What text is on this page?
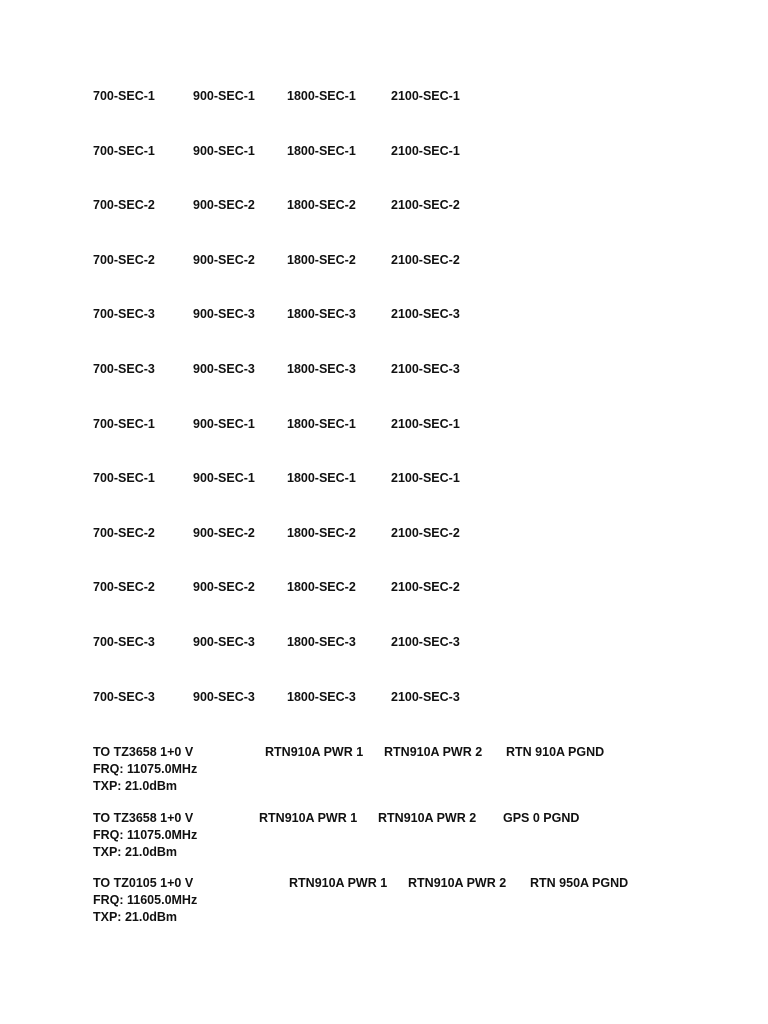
700-SEC-1	900-SEC-1	1800-SEC-1	2100-SEC-1
700-SEC-1	900-SEC-1	1800-SEC-1	2100-SEC-1
700-SEC-2	900-SEC-2	1800-SEC-2	2100-SEC-2
700-SEC-2	900-SEC-2	1800-SEC-2	2100-SEC-2
700-SEC-3	900-SEC-3	1800-SEC-3	2100-SEC-3
700-SEC-3	900-SEC-3	1800-SEC-3	2100-SEC-3
700-SEC-1	900-SEC-1	1800-SEC-1	2100-SEC-1
700-SEC-1	900-SEC-1	1800-SEC-1	2100-SEC-1
700-SEC-2	900-SEC-2	1800-SEC-2	2100-SEC-2
700-SEC-2	900-SEC-2	1800-SEC-2	2100-SEC-2
700-SEC-3	900-SEC-3	1800-SEC-3	2100-SEC-3
700-SEC-3	900-SEC-3	1800-SEC-3	2100-SEC-3
TO TZ3658 1+0 V	RTN910A PWR 1 RTN910A PWR 2 RTN 910A PGND
FRQ: 11075.0MHz
TXP: 21.0dBm
TO TZ3658 1+0 V	RTN910A PWR 1 RTN910A PWR 2 GPS 0 PGND
FRQ: 11075.0MHz
TXP: 21.0dBm
TO TZ0105 1+0 V	RTN910A PWR 1 RTN910A PWR 2 RTN 950A PGND
FRQ: 11605.0MHz
TXP: 21.0dBm
